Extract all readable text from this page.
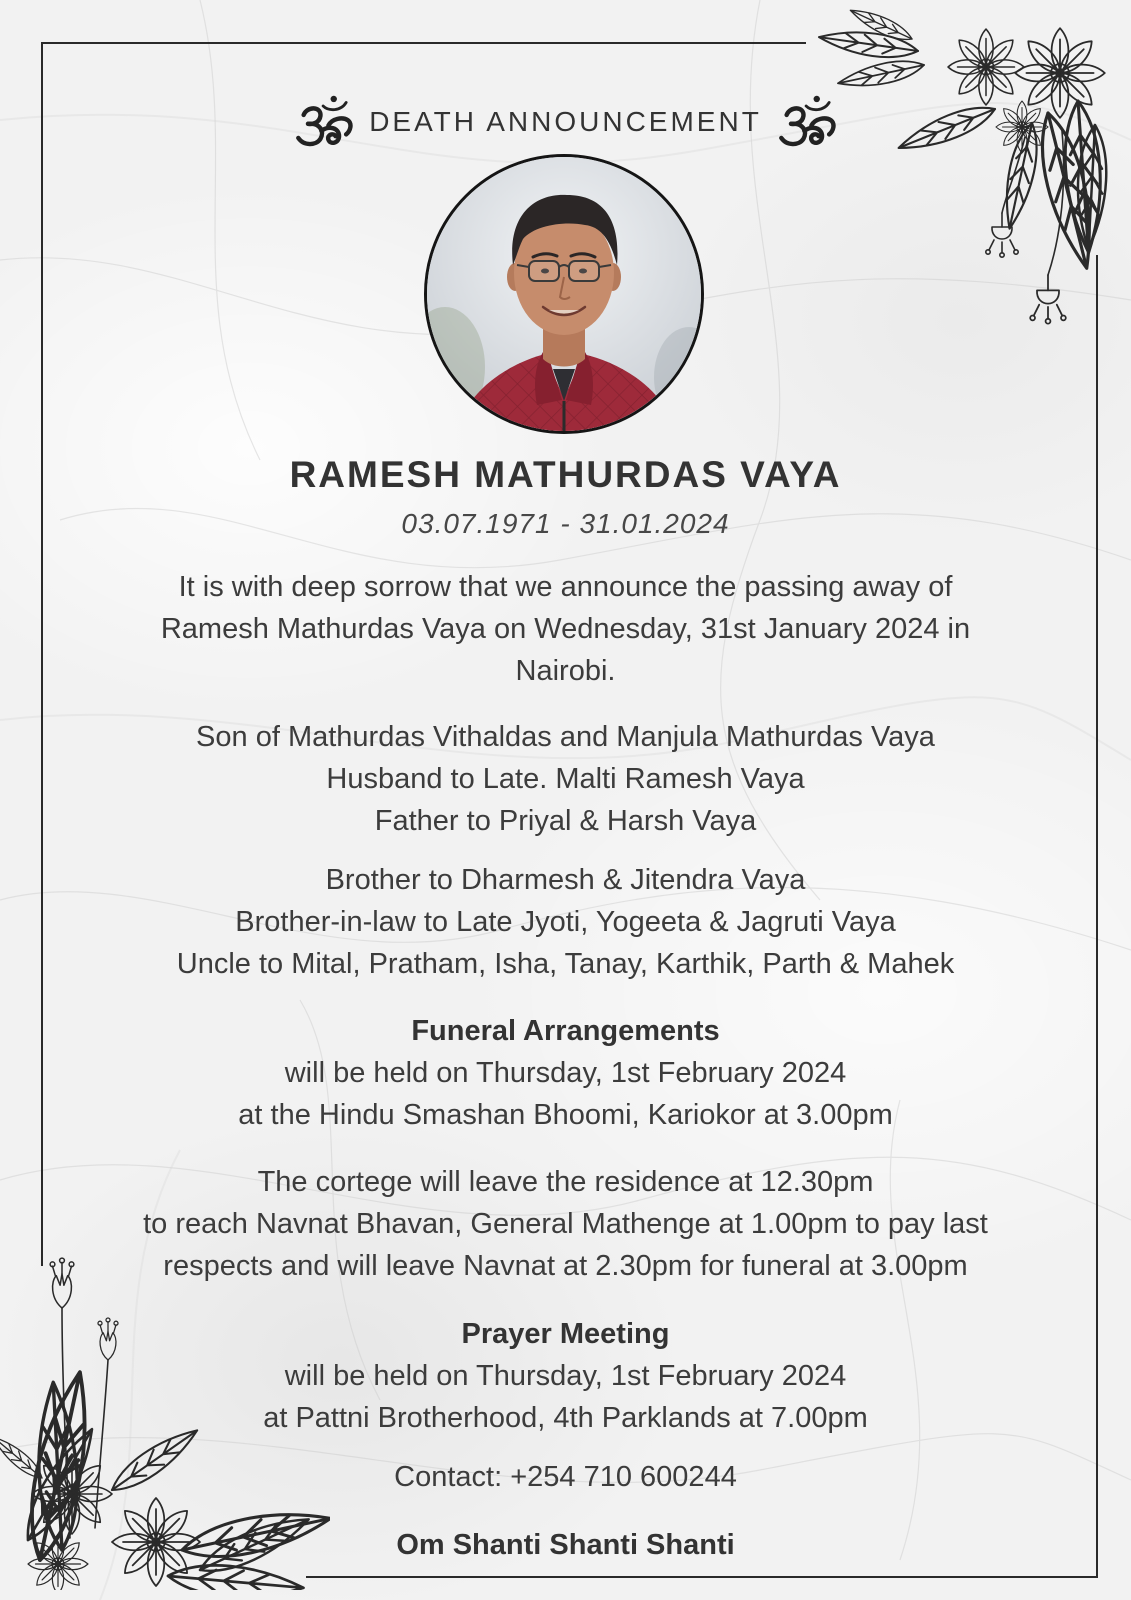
DEATH ANNOUNCEMENT
RAMESH MATHURDAS VAYA
03.07.1971 - 31.01.2024
It is with deep sorrow that we announce the passing away of
Ramesh Mathurdas Vaya on Wednesday, 31st January 2024 in
Nairobi.
Son of Mathurdas Vithaldas and Manjula Mathurdas Vaya
Husband to Late. Malti Ramesh Vaya
Father to Priyal & Harsh Vaya
Brother to Dharmesh & Jitendra Vaya
Brother-in-law to Late Jyoti, Yogeeta & Jagruti Vaya
Uncle to Mital, Pratham, Isha, Tanay, Karthik, Parth & Mahek
Funeral Arrangements
will be held on Thursday, 1st February 2024
at the Hindu Smashan Bhoomi, Kariokor at 3.00pm
The cortege will leave the residence at 12.30pm
to reach Navnat Bhavan, General Mathenge at 1.00pm to pay last
respects and will leave Navnat at 2.30pm for funeral at 3.00pm
Prayer Meeting
will be held on Thursday, 1st February 2024
at Pattni Brotherhood, 4th Parklands at 7.00pm
Contact: +254 710 600244
Om Shanti Shanti Shanti
